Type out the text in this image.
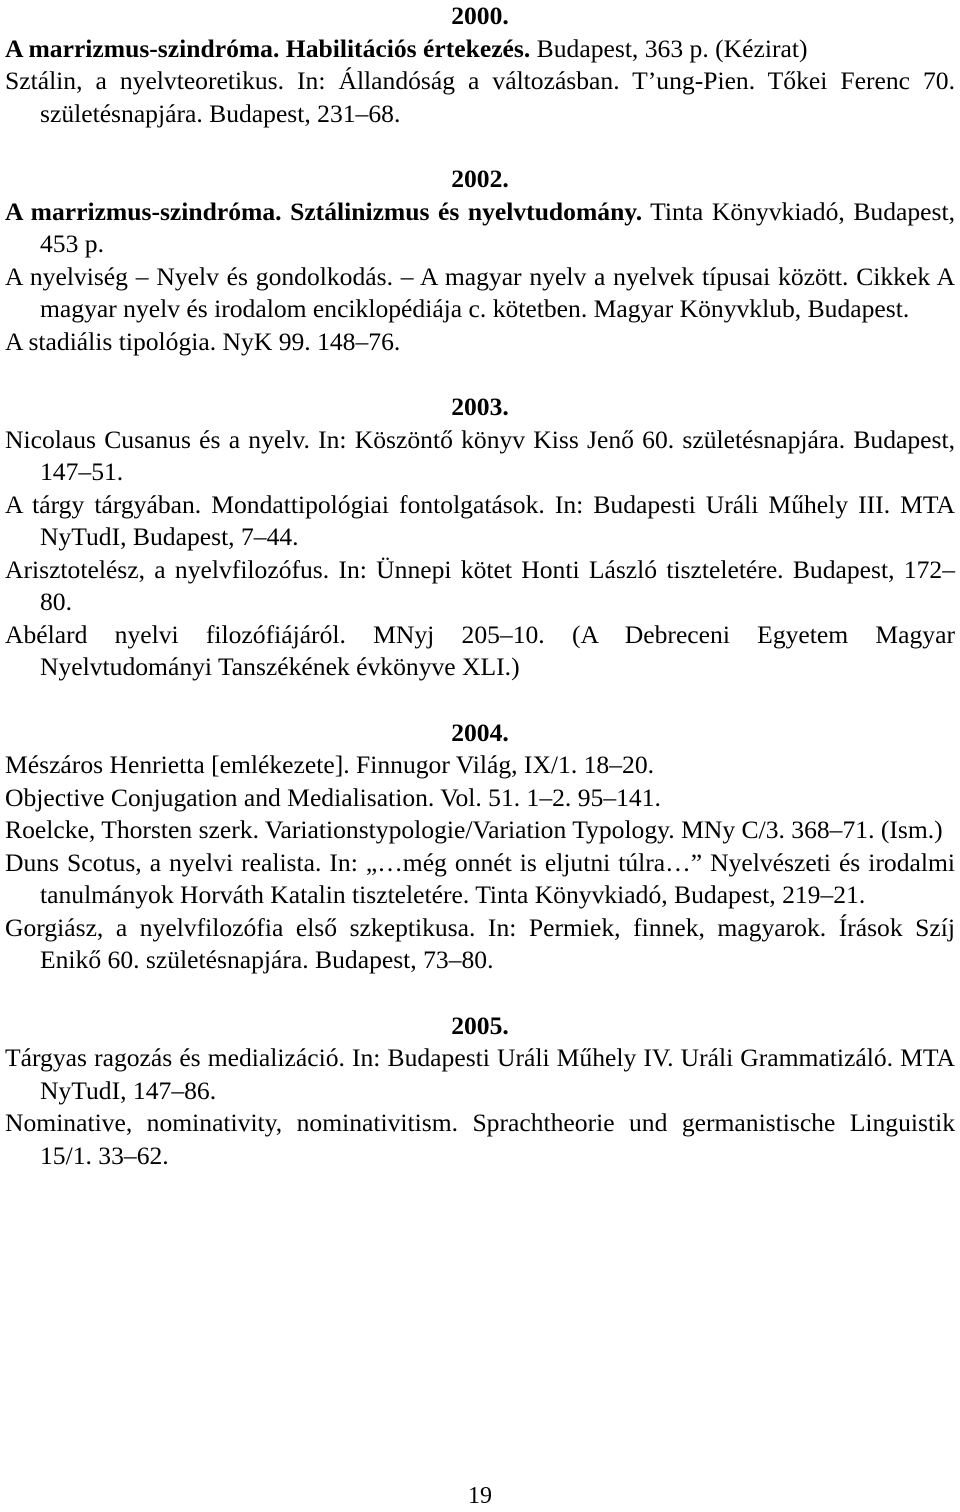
2000.

A marrizmus-szindróma. Habilitációs értekezés. Budapest, 363 p. (Kézirat)

Sztálin, a nyelvteoretikus. In: Állandóság a változásban. T’ung-Pien. Tőkei Ferenc 70. születésnapjára. Budapest, 231–68.

2002.

A marrizmus-szindróma. Sztálinizmus és nyelvtudomány. Tinta Könyvkiadó, Budapest, 453 p.

A nyelviség – Nyelv és gondolkodás. – A magyar nyelv a nyelvek típusai között. Cikkek A magyar nyelv és irodalom enciklopédiája c. kötetben. Magyar Könyvklub, Budapest.

A stadiális tipológia. NyK 99. 148–76.

2003.

Nicolaus Cusanus és a nyelv. In: Köszöntő könyv Kiss Jenő 60. születésnapjára. Budapest, 147–51.

A tárgy tárgyában. Mondattipológiai fontolgatások. In: Budapesti Uráli Műhely III. MTA NyTudI, Budapest, 7–44.

Arisztotelész, a nyelvfilozófus. In: Ünnepi kötet Honti László tiszteletére. Budapest, 172–80.

Abélard nyelvi filozófiájáról. MNyj 205–10. (A Debreceni Egyetem Magyar Nyelvtudományi Tanszékének évkönyve XLI.)

2004.

Mészáros Henrietta [emlékezete]. Finnugor Világ, IX/1. 18–20.

Objective Conjugation and Medialisation. Vol. 51. 1–2. 95–141.

Roelcke, Thorsten szerk. Variationstypologie/Variation Typology. MNy C/3. 368–71. (Ism.)

Duns Scotus, a nyelvi realista. In: „…még onnét is eljutni túlra…” Nyelvészeti és irodalmi tanulmányok Horváth Katalin tiszteletére. Tinta Könyvkiadó, Budapest, 219–21.

Gorgiász, a nyelvfilozófia első szkeptikusa. In: Permiek, finnek, magyarok. Írások Szíj Enikő 60. születésnapjára. Budapest, 73–80.

2005.

Tárgyas ragozás és medializáció. In: Budapesti Uráli Műhely IV. Uráli Grammatizáló. MTA NyTudI, 147–86.

Nominative, nominativity, nominativitism. Sprachtheorie und germanistische Linguistik 15/1. 33–62.

19
